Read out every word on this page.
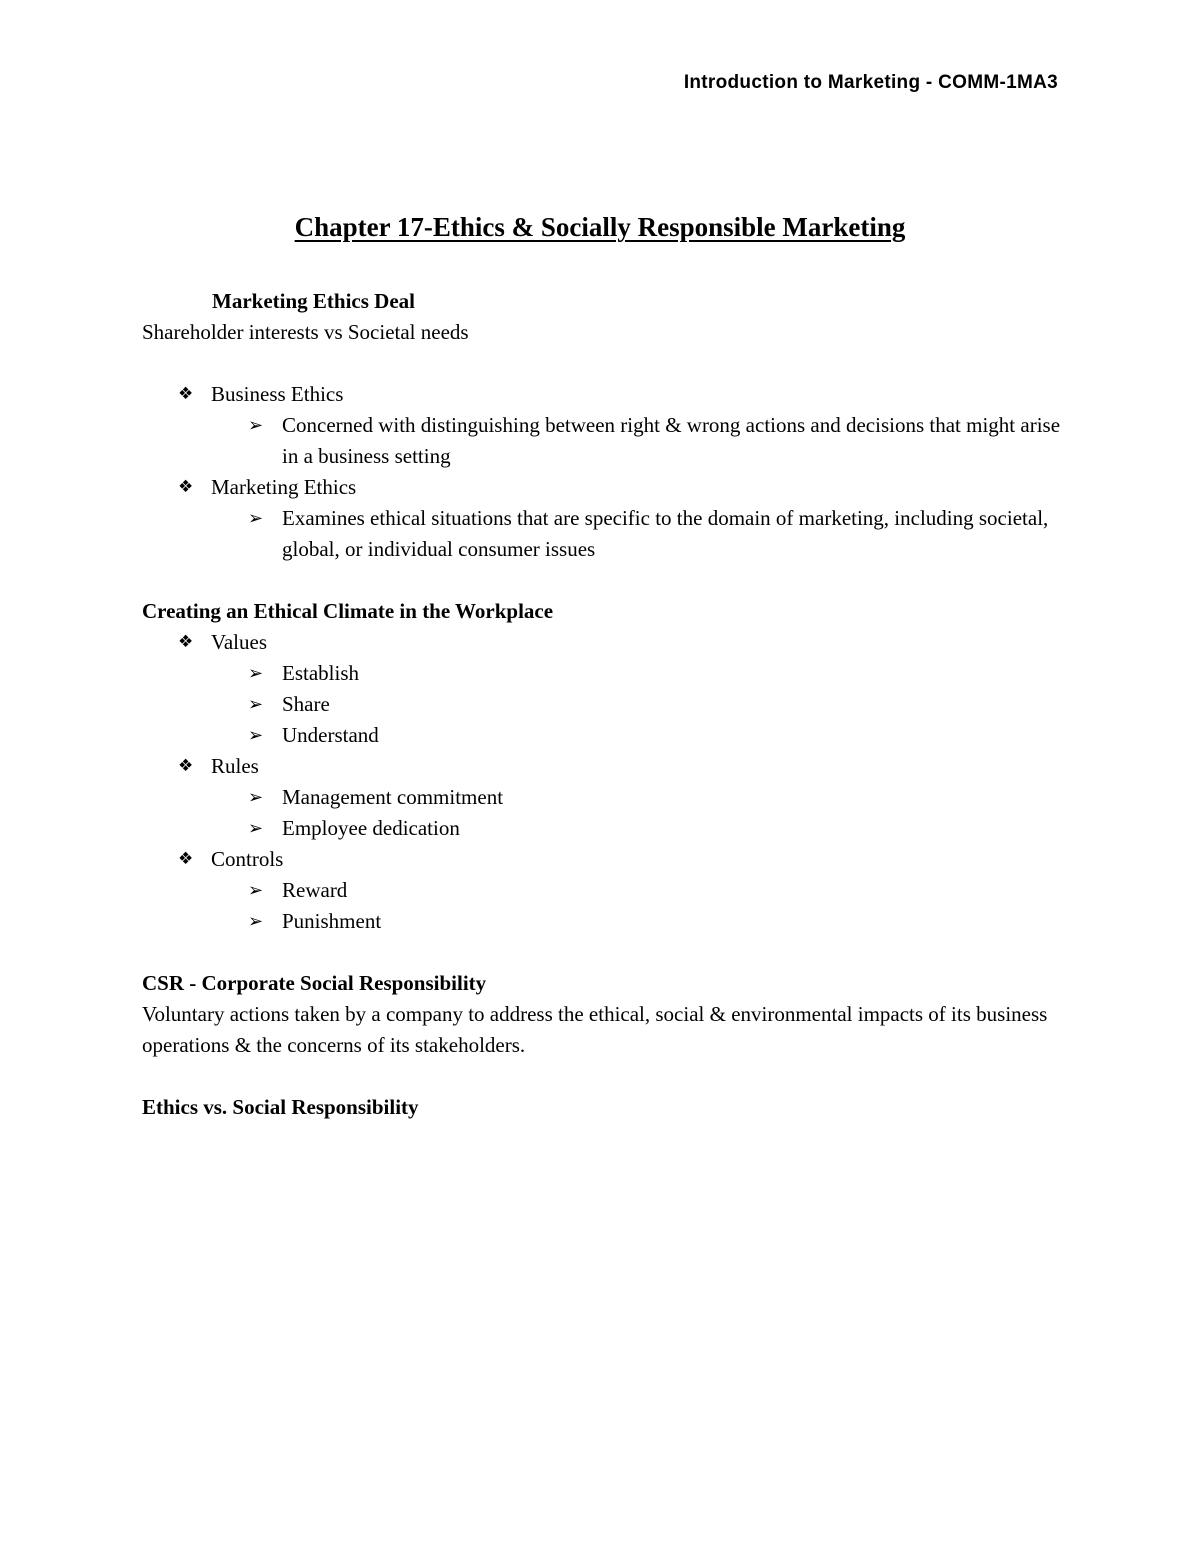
Introduction to Marketing - COMM-1MA3
Chapter 17-Ethics & Socially Responsible Marketing
Marketing Ethics Deal

Shareholder interests vs Societal needs

❖ Business Ethics
➢ Concerned with distinguishing between right & wrong actions and decisions that might arise in a business setting
❖ Marketing Ethics
➢ Examines ethical situations that are specific to the domain of marketing, including societal, global, or individual consumer issues
Creating an Ethical Climate in the Workplace
❖ Values
➢ Establish
➢ Share
➢ Understand
❖ Rules
➢ Management commitment
➢ Employee dedication
❖ Controls
➢ Reward
➢ Punishment
CSR - Corporate Social Responsibility

Voluntary actions taken by a company to address the ethical, social & environmental impacts of its business operations & the concerns of its stakeholders.

Ethics vs. Social Responsibility
